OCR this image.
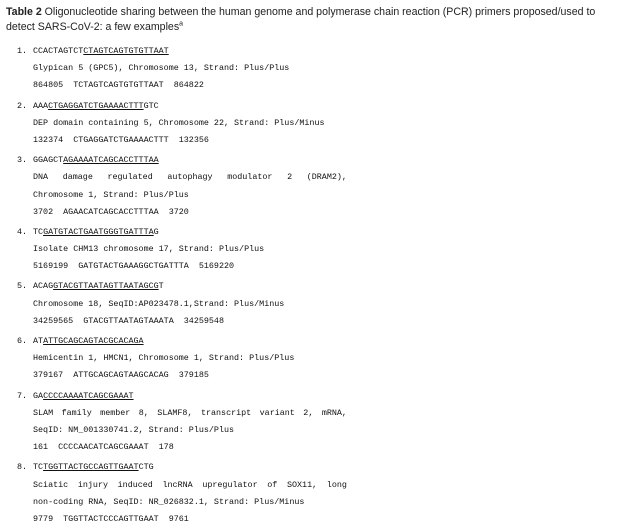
Table 2 Oligonucleotide sharing between the human genome and polymerase chain reaction (PCR) primers proposed/used to detect SARS-CoV-2: a few examples$^a$
1. CCACTAGTCTCTAGTCAGTGTGTTAAT
Glypican 5 (GPC5), Chromosome 13, Strand: Plus/Plus
864805  TCTAGTCAGTGTGTTAAT  864822
2. AAACTGAGGATCTGAAAACTTTGTC
DEP domain containing 5, Chromosome 22, Strand: Plus/Minus
132374  CTGAGGATCTGAAAACTTT  132356
3. GGAGCTAGAAAATCAGCACCTTTAA
DNA damage regulated autophagy modulator 2 (DRAM2),
Chromosome 1, Strand: Plus/Plus
3702  AGAACATCAGCACCTTTAA  3720
4. TCGATGTACTGAATGGGTGATTTAG
Isolate CHM13 chromosome 17, Strand: Plus/Plus
5169199  GATGTACTGAAAGGCTGATTTA  5169220
5. ACAGGTACGTTAATAGTTAATAGCGT
Chromosome 18, SeqID:AP023478.1,Strand: Plus/Minus
34259565  GTACGTTAATAGTAAATA  34259548
6. ATATTGCAGCAGTACGCACAGA
Hemicentin 1, HMCN1, Chromosome 1, Strand: Plus/Plus
379167  ATTGCAGCAGTAAGCACAG  379185
7. GACCCCAAAATCAGCGAAAT
SLAM family member 8, SLAMF8, transcript variant 2, mRNA,
SeqID: NM_001330741.2, Strand: Plus/Plus
161  CCCCAACATCAGCGAAAT  178
8. TCTGGTTACTGCCAGTTGAATCTG
Sciatic injury induced lncRNA upregulator of SOX11, long
non-coding RNA, SeqID: NR_026832.1, Strand: Plus/Minus
9779  TGGTTACTCCCAGTTGAAT  9761
